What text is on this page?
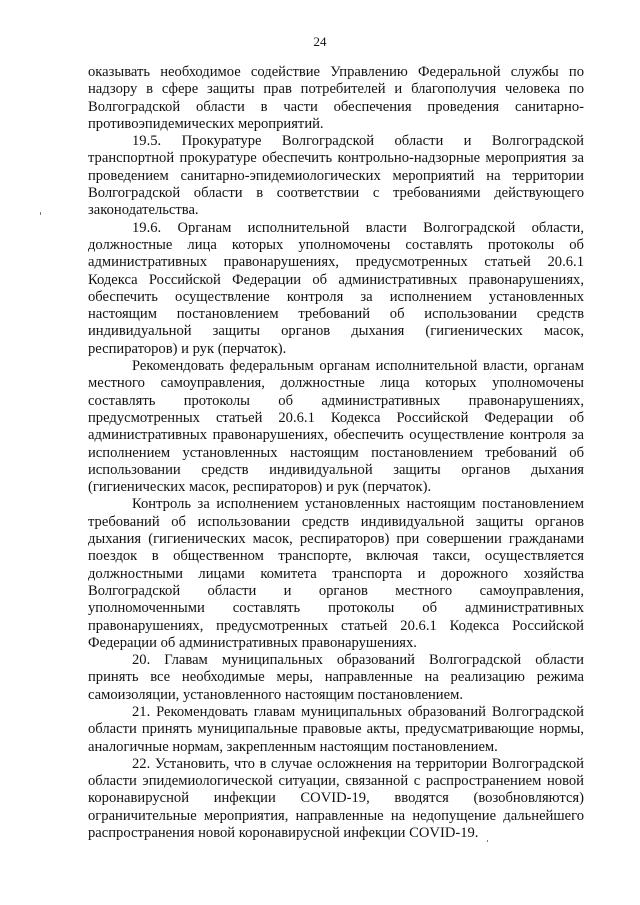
24

оказывать необходимое содействие Управлению Федеральной службы по надзору в сфере защиты прав потребителей и благополучия человека по Волгоградской области в части обеспечения проведения санитарно-противоэпидемических мероприятий.

19.5. Прокуратуре Волгоградской области и Волгоградской транспортной прокуратуре обеспечить контрольно-надзорные мероприятия за проведением санитарно-эпидемиологических мероприятий на территории Волгоградской области в соответствии с требованиями действующего законодательства.

19.6. Органам исполнительной власти Волгоградской области, должностные лица которых уполномочены составлять протоколы об административных правонарушениях, предусмотренных статьей 20.6.1 Кодекса Российской Федерации об административных правонарушениях, обеспечить осуществление контроля за исполнением установленных настоящим постановлением требований об использовании средств индивидуальной защиты органов дыхания (гигиенических масок, респираторов) и рук (перчаток).

Рекомендовать федеральным органам исполнительной власти, органам местного самоуправления, должностные лица которых уполномочены составлять протоколы об административных правонарушениях, предусмотренных статьей 20.6.1 Кодекса Российской Федерации об административных правонарушениях, обеспечить осуществление контроля за исполнением установленных настоящим постановлением требований об использовании средств индивидуальной защиты органов дыхания (гигиенических масок, респираторов) и рук (перчаток).

Контроль за исполнением установленных настоящим постановлением требований об использовании средств индивидуальной защиты органов дыхания (гигиенических масок, респираторов) при совершении гражданами поездок в общественном транспорте, включая такси, осуществляется должностными лицами комитета транспорта и дорожного хозяйства Волгоградской области и органов местного самоуправления, уполномоченными составлять протоколы об административных правонарушениях, предусмотренных статьей 20.6.1 Кодекса Российской Федерации об административных правонарушениях.

20. Главам муниципальных образований Волгоградской области принять все необходимые меры, направленные на реализацию режима самоизоляции, установленного настоящим постановлением.

21. Рекомендовать главам муниципальных образований Волгоградской области принять муниципальные правовые акты, предусматривающие нормы, аналогичные нормам, закрепленным настоящим постановлением.

22. Установить, что в случае осложнения на территории Волгоградской области эпидемиологической ситуации, связанной с распространением новой коронавирусной инфекции COVID-19, вводятся (возобновляются) ограничительные мероприятия, направленные на недопущение дальнейшего распространения новой коронавирусной инфекции COVID-19.
